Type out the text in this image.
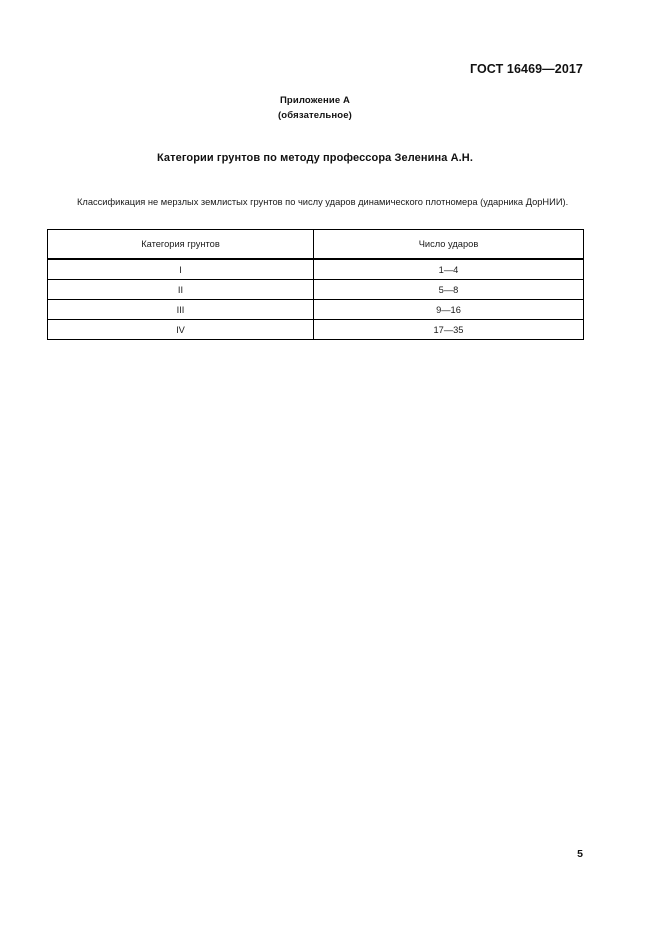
ГОСТ 16469—2017
Приложение А
(обязательное)
Категории грунтов по методу профессора Зеленина А.Н.

Классификация не мерзлых землистых грунтов по числу ударов динамического плотномера (ударника ДорНИИ).

Категория грунтов	Число ударов

I	1—4

II	5—8

III	9—16

IV	17—35
5
